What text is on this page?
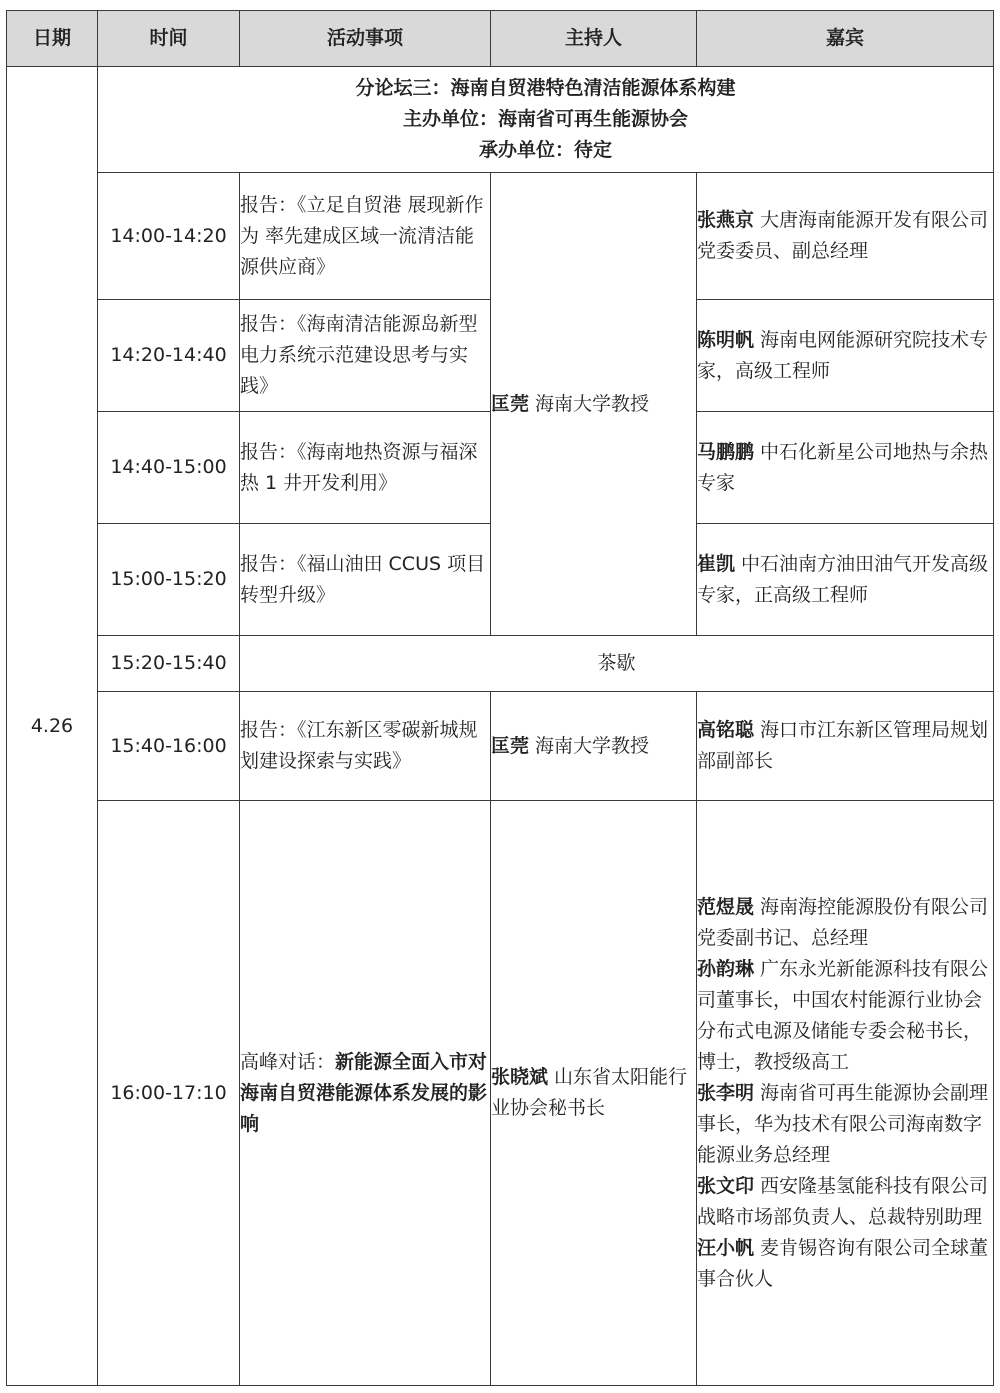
日期	时间	活动事项	主持人	嘉宾
4.26	分论坛三：海南自贸港特色清洁能源体系构建
主办单位：海南省可再生能源协会
承办单位：待定			

	14:00-14:20	报告：《立足自贸港 展现新作为 率先建成区域一流清洁能源供应商》	匡莞 海南大学教授	张燕京 大唐海南能源开发有限公司党委委员、副总经理
	14:20-14:40	报告：《海南清洁能源岛新型电力系统示范建设思考与实践》		陈明帆 海南电网能源研究院技术专家，高级工程师
	14:40-15:00	报告：《海南地热资源与福深热 1 井开发利用》		马鹏鹏 中石化新星公司地热与余热专家
	15:00-15:20	报告：《福山油田 CCUS 项目转型升级》		崔凯 中石油南方油田油气开发高级专家，正高级工程师
	15:20-15:40	茶歇		
	15:40-16:00	报告：《江东新区零碳新城规划建设探索与实践》	匡莞 海南大学教授	高铭聪 海口市江东新区管理局规划部副部长
	16:00-17:10	高峰对话：新能源全面入市对海南自贸港能源体系发展的影响	张晓斌 山东省太阳能行业协会秘书长	范煜晟 海南海控能源股份有限公司党委副书记、总经理
孙韵琳 广东永光新能源科技有限公司董事长，中国农村能源行业协会分布式电源及储能专委会秘书长，博士，教授级高工
张李明 海南省可再生能源协会副理事长，华为技术有限公司海南数字能源业务总经理
张文印 西安隆基氢能科技有限公司战略市场部负责人、总裁特别助理
汪小帆 麦肯锡咨询有限公司全球董事合伙人
